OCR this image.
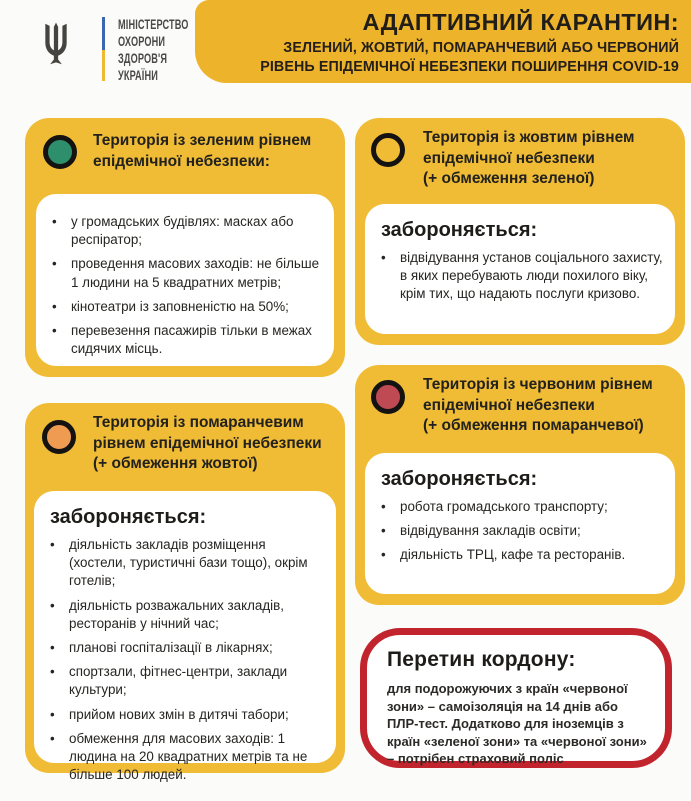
МІНІСТЕРСТВО
ОХОРОНИ
ЗДОРОВ'Я
УКРАЇНИ
АДАПТИВНИЙ КАРАНТИН:

ЗЕЛЕНИЙ, ЖОВТИЙ, ПОМАРАНЧЕВИЙ АБО ЧЕРВОНИЙ

РІВЕНЬ ЕПІДЕМІЧНОЇ НЕБЕЗПЕКИ ПОШИРЕННЯ COVID-19

Територія із зеленим рівнем
епідемічної небезпеки:
•	у громадських будівлях: масках або респіратор;
•	проведення масових заходів: не більше 1 людини на 5 квадратних метрів;
•	кінотеатри із заповненістю на 50%;
•	перевезення пасажирів тільки в межах сидячих місць.
Територія із жовтим рівнем
епідемічної небезпеки
(+ обмеження зеленої)
забороняється:
•	відвідування установ соціального захисту, в яких перебувають люди похилого віку, крім тих, що надають послуги кризово.
Територія із помаранчевим
рівнем епідемічної небезпеки
(+ обмеження жовтої)
забороняється:
•	діяльність закладів розміщення (хостели, туристичні бази тощо), окрім готелів;
•	діяльність розважальних закладів, ресторанів у нічний час;
•	планові госпіталізації в лікарнях;
•	спортзали, фітнес-центри, заклади культури;
•	прийом нових змін в дитячі табори;
•	обмеження для масових заходів: 1 людина на 20 квадратних метрів та не більше 100 людей.
Територія із червоним рівнем
епідемічної небезпеки
(+ обмеження помаранчевої)
забороняється:
•	робота громадського транспорту;
•	відвідування закладів освіти;
•	діяльність ТРЦ, кафе та ресторанів.
Перетин кордону:

для подорожуючих з країн «червоної зони» – самоізоляція на 14 днів або ПЛР-тест. Додатково для іноземців з країн «зеленої зони» та «червоної зони» – потрібен страховий поліс
